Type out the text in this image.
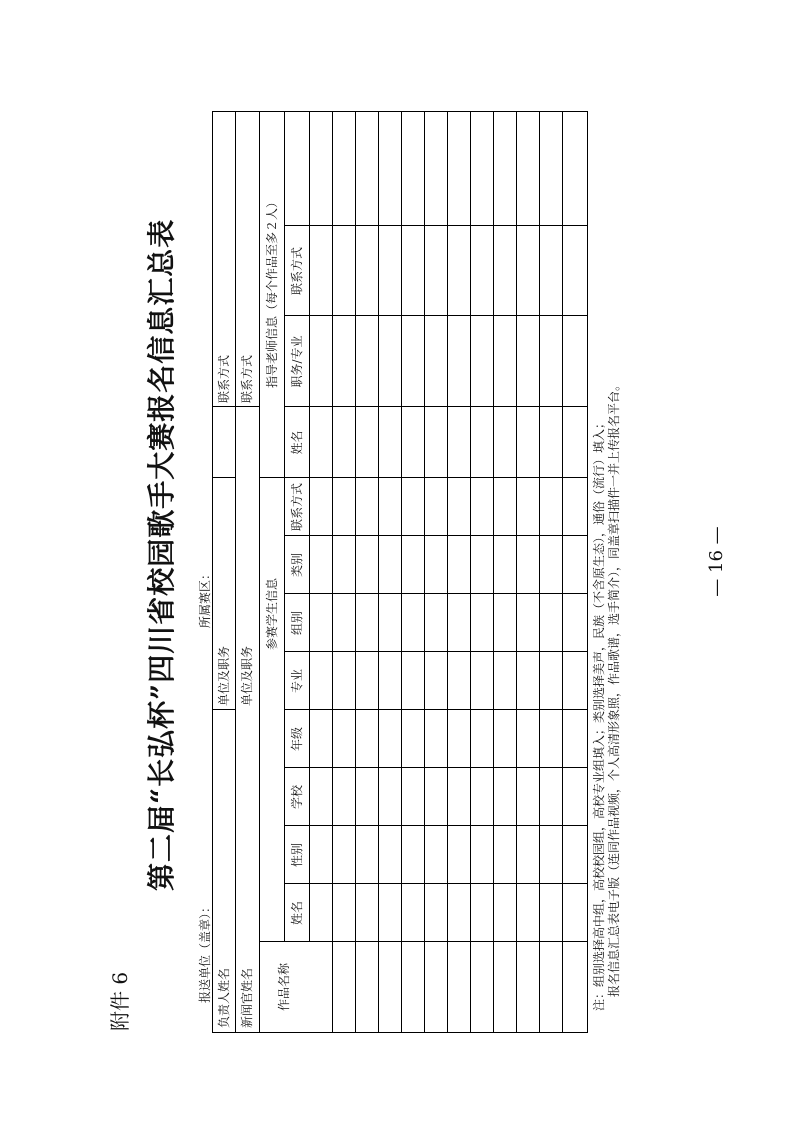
附件 6
第二届“长弘杯”四川省校园歌手大赛报名信息汇总表
报送单位（盖章）：
所属赛区：
负责人姓名
单位及职务
联系方式
新闻官姓名
单位及职务
联系方式
作品名称
参赛学生信息
指导老师信息（每个作品至多２人）
姓名
性别
学校
年级
专业
组别
类别
联系方式
姓名
职务/专业
联系方式
注：组别选择高中组，高校校园组，高校专业组填入；类别选择美声，民族（不含原生态），通俗（流行）填入； 报名信息汇总表电子版（连同作品视频，个人高清形象照，作品歌谱，选手简介），同盖章扫描件一并上传报名平台。	— 16 —
